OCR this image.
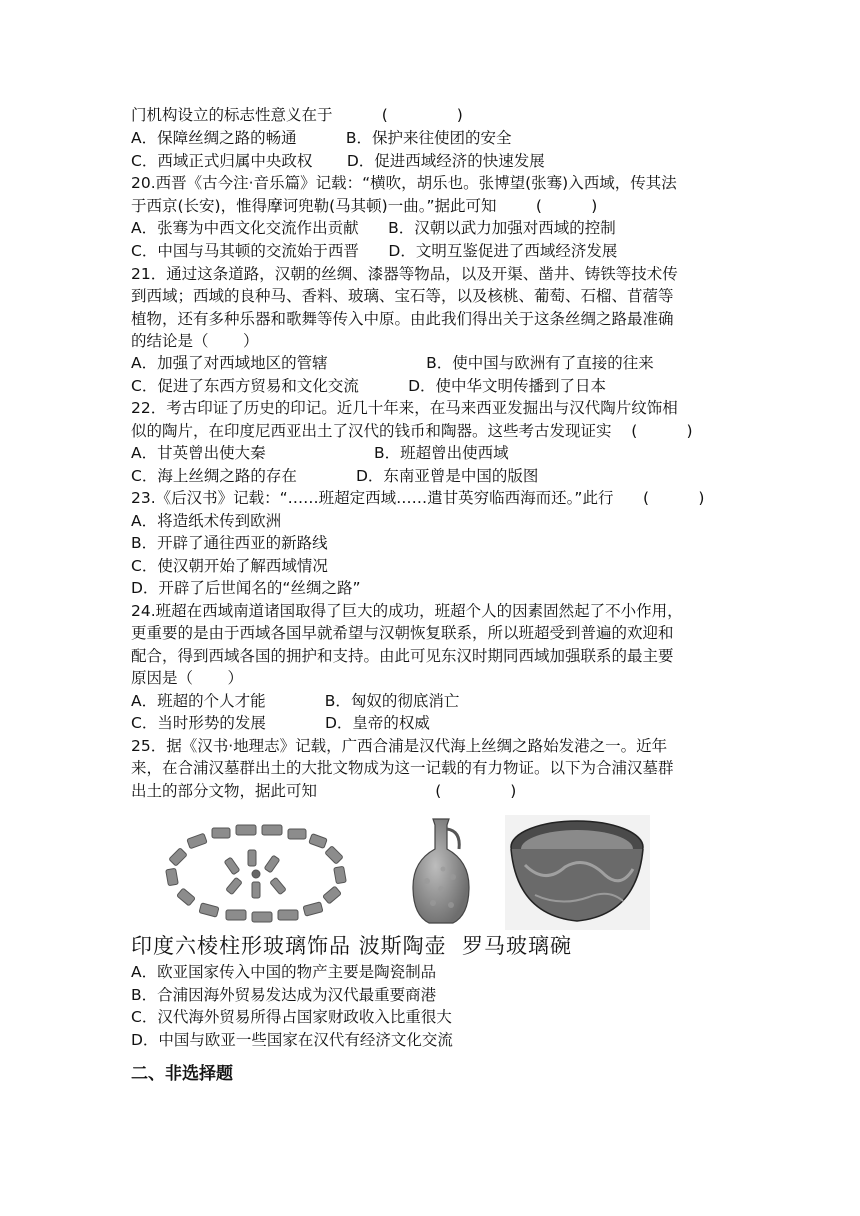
门机构设立的标志性意义在于          (              )
A．保障丝绸之路的畅通          B．保护来往使团的安全
C．西域正式归属中央政权       D．促进西域经济的快速发展
20.西晋《古今注·音乐篇》记载：“横吹，胡乐也。张博望(张骞)入西域，传其法
于西京(长安)，惟得摩诃兜勒(马其顿)一曲。”据此可知        (          )
A．张骞为中西文化交流作出贡献      B．汉朝以武力加强对西域的控制
C．中国与马其顿的交流始于西晋      D．文明互鉴促进了西域经济发展
21．通过这条道路，汉朝的丝绸、漆器等物品，以及开渠、凿井、铸铁等技术传
到西域；西域的良种马、香料、玻璃、宝石等，以及核桃、葡萄、石榴、苜蓿等
植物，还有多种乐器和歌舞等传入中原。由此我们得出关于这条丝绸之路最准确
的结论是（       ）
A．加强了对西域地区的管辖                    B．使中国与欧洲有了直接的往来
C．促进了东西方贸易和文化交流          D．使中华文明传播到了日本
22．考古印证了历史的印记。近几十年来，在马来西亚发掘出与汉代陶片纹饰相
似的陶片，在印度尼西亚出土了汉代的钱币和陶器。这些考古发现证实    (          )
A．甘英曾出使大秦                      B．班超曾出使西域
C．海上丝绸之路的存在            D．东南亚曾是中国的版图
23.《后汉书》记载：“……班超定西域……遣甘英穷临西海而还。”此行      (          )
A．将造纸术传到欧洲
B．开辟了通往西亚的新路线
C．使汉朝开始了解西域情况
D．开辟了后世闻名的“丝绸之路”
24.班超在西域南道诸国取得了巨大的成功，班超个人的因素固然起了不小作用，
更重要的是由于西域各国早就希望与汉朝恢复联系，所以班超受到普遍的欢迎和
配合，得到西域各国的拥护和支持。由此可见东汉时期同西域加强联系的最主要
原因是（       ）
A．班超的个人才能            B．匈奴的彻底消亡
C．当时形势的发展            D．皇帝的权威
25．据《汉书·地理志》记载，广西合浦是汉代海上丝绸之路始发港之一。近年
来，在合浦汉墓群出土的大批文物成为这一记载的有力物证。以下为合浦汉墓群
出土的部分文物，据此可知                        (              )
印度六棱柱形玻璃饰品 波斯陶壶 罗马玻璃碗
A．欧亚国家传入中国的物产主要是陶瓷制品
B．合浦因海外贸易发达成为汉代最重要商港
C．汉代海外贸易所得占国家财政收入比重很大
D．中国与欧亚一些国家在汉代有经济文化交流
二、非选择题
